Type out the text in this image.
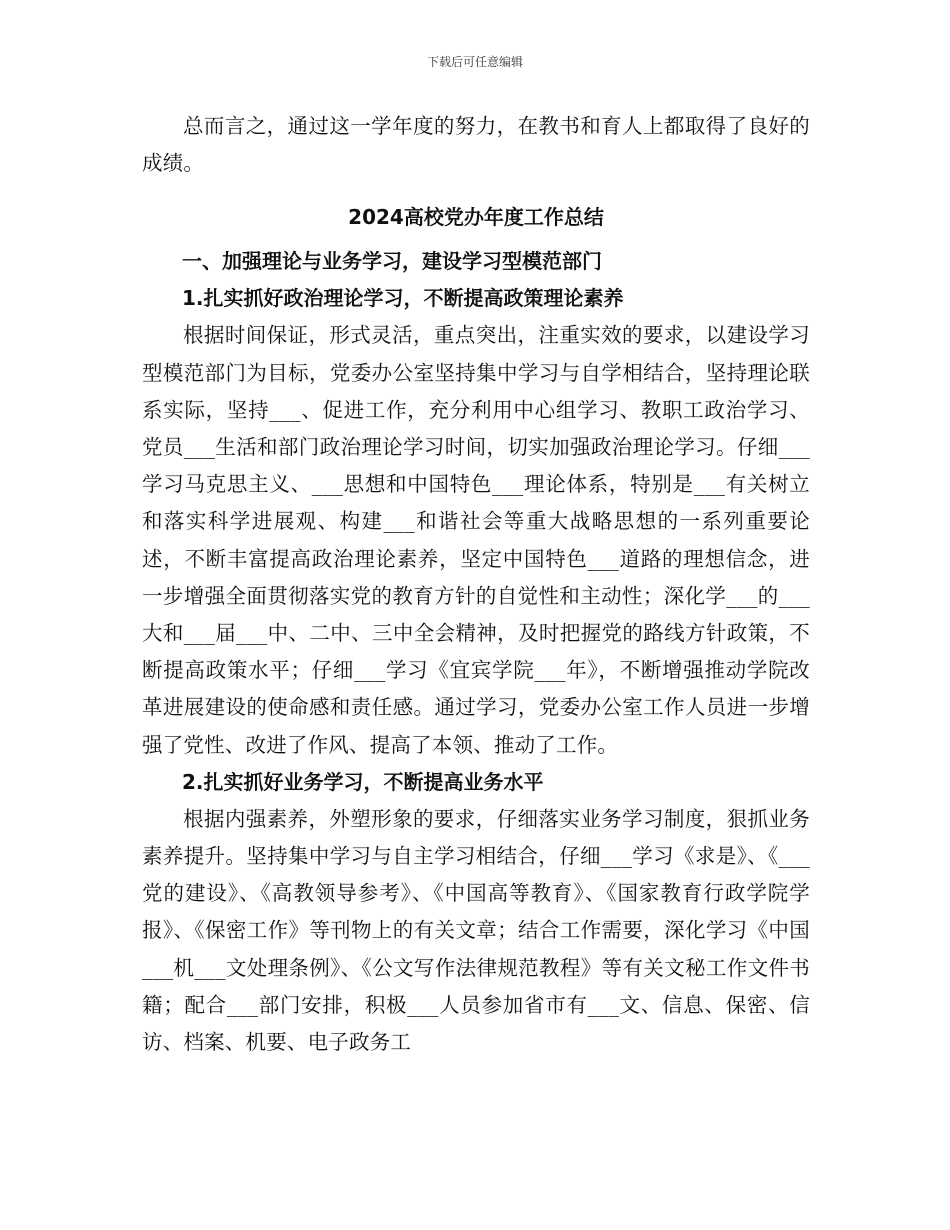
下载后可任意编辑

总而言之，通过这一学年度的努力，在教书和育人上都取得了良好的成绩。

2024高校党办年度工作总结
一、加强理论与业务学习，建设学习型模范部门
1.扎实抓好政治理论学习，不断提高政策理论素养

根据时间保证，形式灵活，重点突出，注重实效的要求，以建设学习型模范部门为目标，党委办公室坚持集中学习与自学相结合，坚持理论联系实际，坚持___、促进工作，充分利用中心组学习、教职工政治学习、党员___生活和部门政治理论学习时间，切实加强政治理论学习。仔细___学习马克思主义、___思想和中国特色___理论体系，特别是___有关树立和落实科学进展观、构建___和谐社会等重大战略思想的一系列重要论述，不断丰富提高政治理论素养，坚定中国特色___道路的理想信念，进一步增强全面贯彻落实党的教育方针的自觉性和主动性；深化学___的___大和___届___中、二中、三中全会精神，及时把握党的路线方针政策，不断提高政策水平；仔细___学习《宜宾学院___年》，不断增强推动学院改革进展建设的使命感和责任感。通过学习，党委办公室工作人员进一步增强了党性、改进了作风、提高了本领、推动了工作。

2.扎实抓好业务学习，不断提高业务水平

根据内强素养，外塑形象的要求，仔细落实业务学习制度，狠抓业务素养提升。坚持集中学习与自主学习相结合，仔细___学习《求是》、《___党的建设》、《高教领导参考》、《中国高等教育》、《国家教育行政学院学报》、《保密工作》等刊物上的有关文章；结合工作需要，深化学习《中国___机___文处理条例》、《公文写作法律规范教程》等有关文秘工作文件书籍；配合___部门安排，积极___人员参加省市有___文、信息、保密、信访、档案、机要、电子政务工
